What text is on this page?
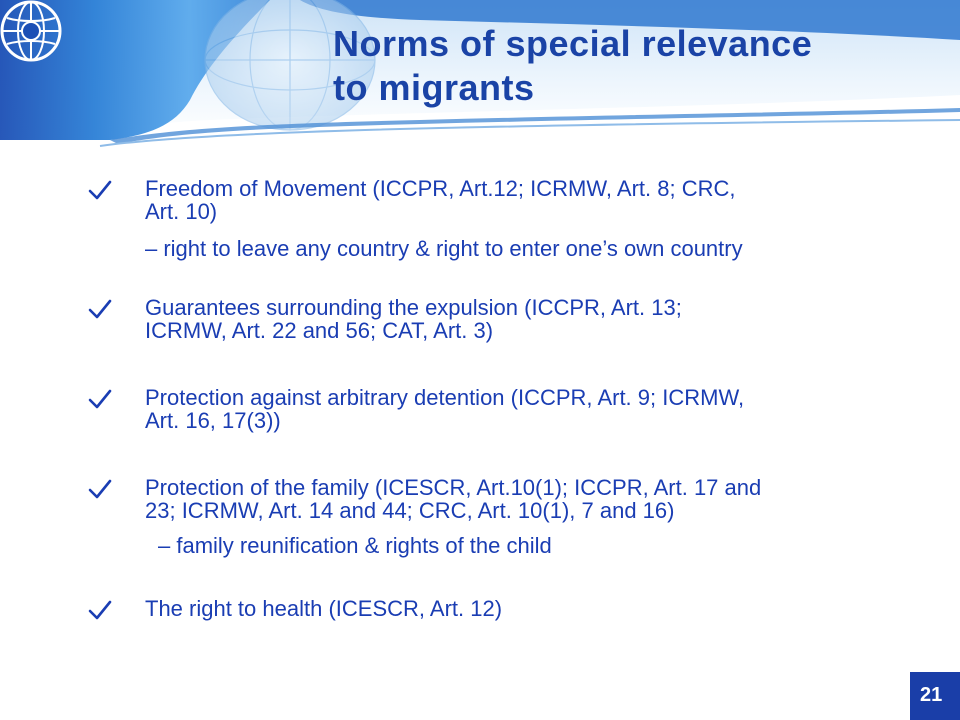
Norms of special relevance
to migrants

Freedom of Movement (ICCPR, Art.12; ICRMW, Art. 8; CRC,
Art. 10)

– right to leave any country & right to enter one’s own country

Guarantees surrounding the expulsion (ICCPR, Art. 13;
ICRMW, Art. 22 and 56; CAT, Art. 3)

Protection against arbitrary detention (ICCPR, Art. 9; ICRMW,
Art. 16, 17(3))

Protection of the family (ICESCR, Art.10(1); ICCPR, Art. 17 and
23; ICRMW, Art. 14 and 44; CRC, Art. 10(1), 7 and 16)

– family reunification & rights of the child

The right to health (ICESCR, Art. 12)

21
